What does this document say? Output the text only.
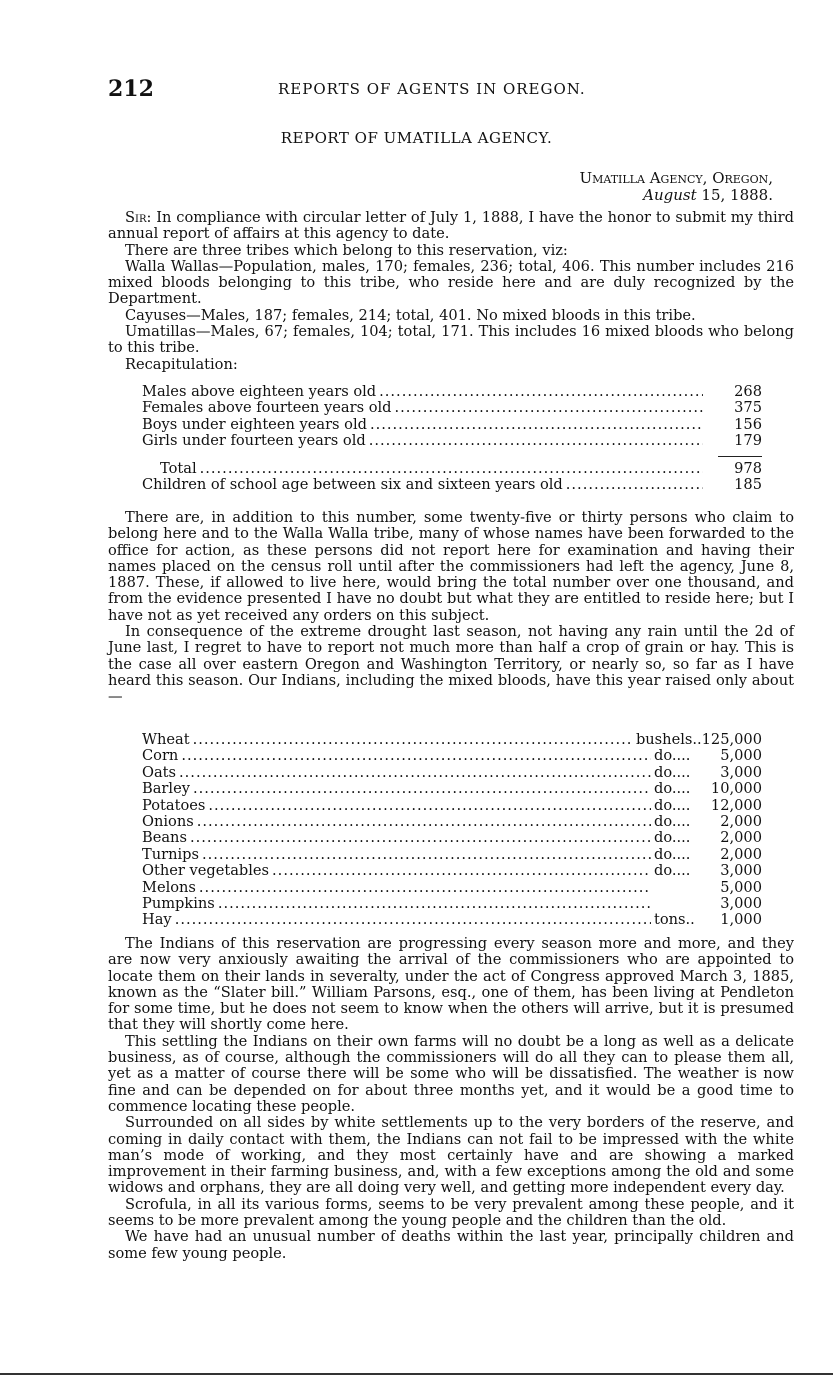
212	REPORTS OF AGENTS IN OREGON.
REPORT OF UMATILLA AGENCY.
Umatilla Agency, Oregon,
August 15, 1888.

Sir: In compliance with circular letter of July 1, 1888, I have the honor to submit my third annual report of affairs at this agency to date.

There are three tribes which belong to this reservation, viz:

Walla Wallas—Population, males, 170; females, 236; total, 406. This number includes 216 mixed bloods belonging to this tribe, who reside here and are duly recognized by the Department.

Cayuses—Males, 187; females, 214; total, 401. No mixed bloods in this tribe.

Umatillas—Males, 67; females, 104; total, 171. This includes 16 mixed bloods who belong to this tribe.

Recapitulation:

Males above eighteen years old .....	268
Females above fourteen years old .....	375
Boys under eighteen years old .....	156
Girls under fourteen years old .....	179
Total .....	978
Children of school age between six and sixteen years old .....	185

There are, in addition to this number, some twenty-five or thirty persons who claim to belong here and to the Walla Walla tribe, many of whose names have been forwarded to the office for action, as these persons did not report here for examination and having their names placed on the census roll until after the commissioners had left the agency, June 8, 1887. These, if allowed to live here, would bring the total number over one thousand, and from the evidence presented I have no doubt but what they are entitled to reside here; but I have not as yet received any orders on this subject.

In consequence of the extreme drought last season, not having any rain until the 2d of June last, I regret to have to report not much more than half a crop of grain or hay. This is the case all over eastern Oregon and Washington Territory, or nearly so, so far as I have heard this season. Our Indians, including the mixed bloods, have this year raised only about—

Wheat .....	bushels.. 125,000
Corn .....	do....	5,000
Oats .....	do....	3,000
Barley .....	do....	10,000
Potatoes .....	do....	12,000
Onions .....	do....	2,000
Beans .....	do....	2,000
Turnips .....	do....	2,000
Other vegetables .....	do....	3,000
Melons .....	5,000
Pumpkins .....	3,000
Hay .....	tons..	1,000

The Indians of this reservation are progressing every season more and more, and they are now very anxiously awaiting the arrival of the commissioners who are appointed to locate them on their lands in severalty, under the act of Congress approved March 3, 1885, known as the “Slater bill.” William Parsons, esq., one of them, has been living at Pendleton for some time, but he does not seem to know when the others will arrive, but it is presumed that they will shortly come here.

This settling the Indians on their own farms will no doubt be a long as well as a delicate business, as of course, although the commissioners will do all they can to please them all, yet as a matter of course there will be some who will be dissatisfied. The weather is now fine and can be depended on for about three months yet, and it would be a good time to commence locating these people.

Surrounded on all sides by white settlements up to the very borders of the reserve, and coming in daily contact with them, the Indians can not fail to be impressed with the white man’s mode of working, and they most certainly have and are showing a marked improvement in their farming business, and, with a few exceptions among the old and some widows and orphans, they are all doing very well, and getting more independent every day.

Scrofula, in all its various forms, seems to be very prevalent among these people, and it seems to be more prevalent among the young people and the children than the old.

We have had an unusual number of deaths within the last year, principally children and some few young people.
